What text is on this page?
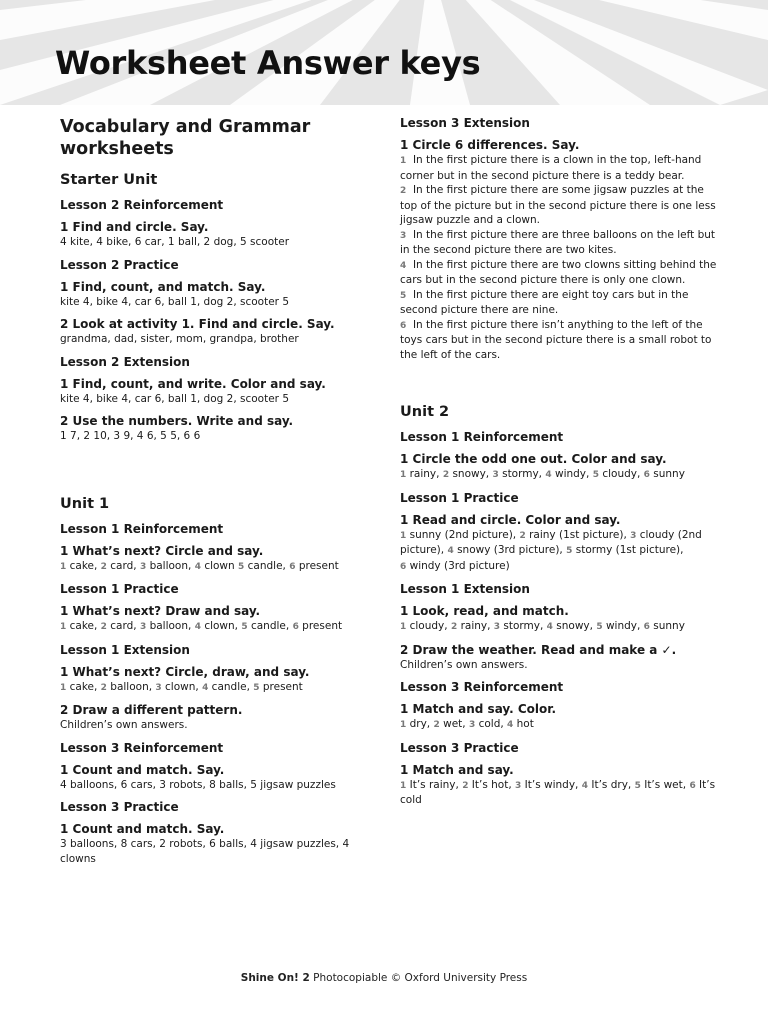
Worksheet Answer keys
Vocabulary and Grammar worksheets
Starter Unit
Lesson 2 Reinforcement

1 Find and circle. Say.

4 kite, 4 bike, 6 car, 1 ball, 2 dog, 5 scooter

Lesson 2 Practice

1 Find, count, and match. Say.

kite 4, bike 4, car 6, ball 1, dog 2, scooter 5

2 Look at activity 1. Find and circle. Say.

grandma, dad, sister, mom, grandpa, brother

Lesson 2 Extension

1 Find, count, and write. Color and say.

kite 4, bike 4, car 6, ball 1, dog 2, scooter 5

2 Use the numbers. Write and say.

1 7, 2 10, 3 9, 4 6, 5 5, 6 6

Unit 1
Lesson 1 Reinforcement

1 What’s next? Circle and say.

1 cake, 2 card, 3 balloon, 4 clown 5 candle, 6 present

Lesson 1 Practice

1 What’s next? Draw and say.

1 cake, 2 card, 3 balloon, 4 clown, 5 candle, 6 present

Lesson 1 Extension

1 What’s next? Circle, draw, and say.

1 cake, 2 balloon, 3 clown, 4 candle, 5 present

2 Draw a different pattern.

Children’s own answers.

Lesson 3 Reinforcement

1 Count and match. Say.

4 balloons, 6 cars, 3 robots, 8 balls, 5 jigsaw puzzles

Lesson 3 Practice

1 Count and match. Say.

3 balloons, 8 cars, 2 robots, 6 balls, 4 jigsaw puzzles, 4 clowns

Lesson 3 Extension

1 Circle 6 differences. Say.

1 In the first picture there is a clown in the top, left-hand corner but in the second picture there is a teddy bear.

2 In the first picture there are some jigsaw puzzles at the top of the picture but in the second picture there is one less jigsaw puzzle and a clown.

3 In the first picture there are three balloons on the left but in the second picture there are two kites.

4 In the first picture there are two clowns sitting behind the cars but in the second picture there is only one clown.

5 In the first picture there are eight toy cars but in the second picture there are nine.

6 In the first picture there isn’t anything to the left of the toys cars but in the second picture there is a small robot to the left of the cars.

Unit 2
Lesson 1 Reinforcement

1 Circle the odd one out. Color and say.

1 rainy, 2 snowy, 3 stormy, 4 windy, 5 cloudy, 6 sunny

Lesson 1 Practice

1 Read and circle. Color and say.

1 sunny (2nd picture), 2 rainy (1st picture), 3 cloudy (2nd picture), 4 snowy (3rd picture), 5 stormy (1st picture), 6 windy (3rd picture)

Lesson 1 Extension

1 Look, read, and match.

1 cloudy, 2 rainy, 3 stormy, 4 snowy, 5 windy, 6 sunny

2 Draw the weather. Read and make a ✓.

Children’s own answers.

Lesson 3 Reinforcement

1 Match and say. Color.

1 dry, 2 wet, 3 cold, 4 hot

Lesson 3 Practice

1 Match and say.

1 It’s rainy, 2 It’s hot, 3 It’s windy, 4 It’s dry, 5 It’s wet, 6 It’s cold

Shine On! 2 Photocopiable © Oxford University Press
